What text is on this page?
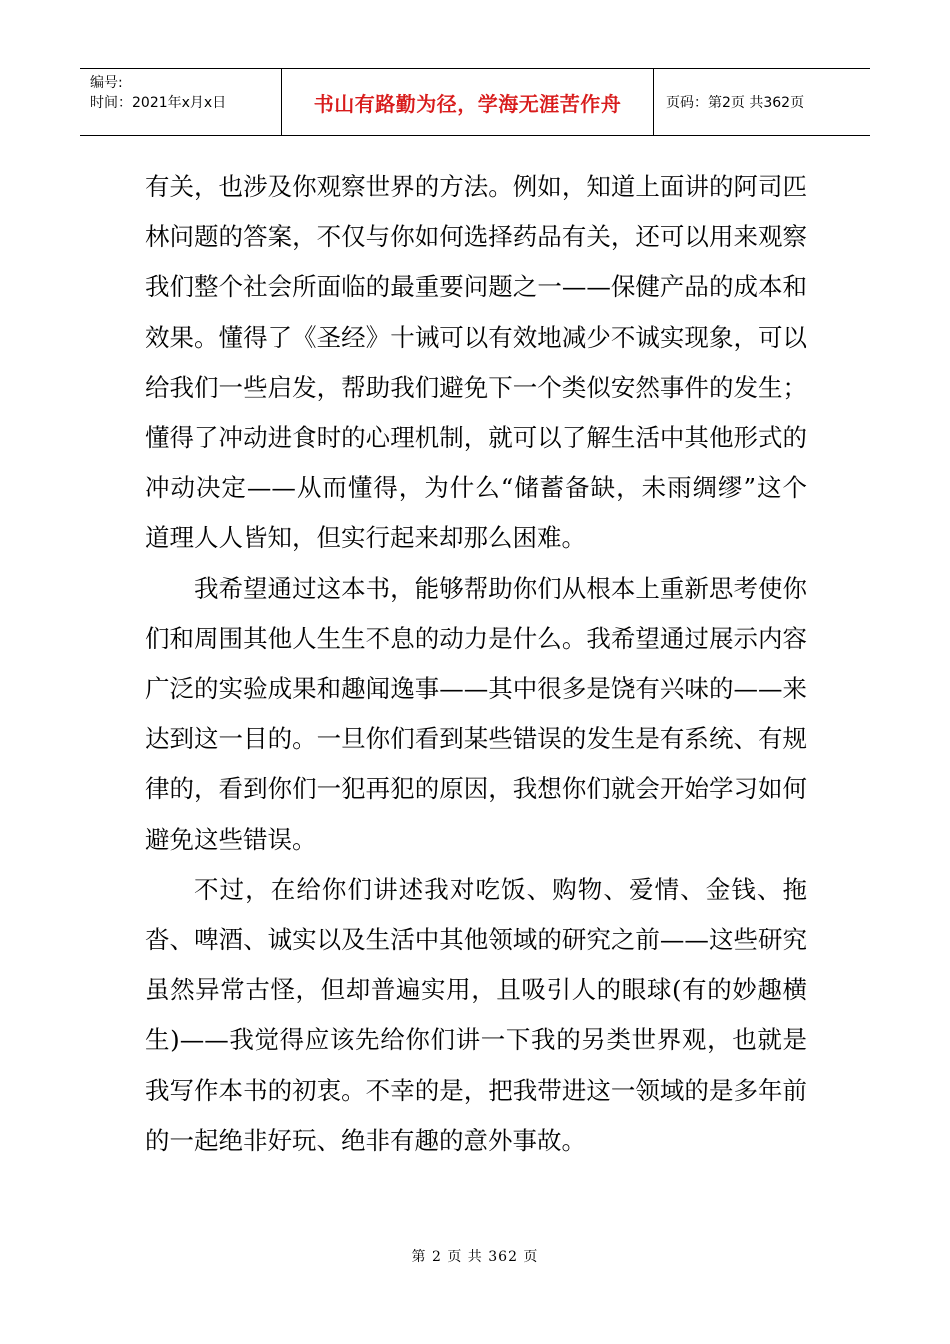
编号:
时间：2021年x月x日	书山有路勤为径，学海无涯苦作舟	页码：第2页 共362页

有关，也涉及你观察世界的方法。例如，知道上面讲的阿司匹林问题的答案，不仅与你如何选择药品有关，还可以用来观察我们整个社会所面临的最重要问题之一——保健产品的成本和效果。懂得了《圣经》十诫可以有效地减少不诚实现象，可以给我们一些启发，帮助我们避免下一个类似安然事件的发生；懂得了冲动进食时的心理机制，就可以了解生活中其他形式的冲动决定——从而懂得，为什么“储蓄备缺，未雨绸缪”这个道理人人皆知，但实行起来却那么困难。

我希望通过这本书，能够帮助你们从根本上重新思考使你们和周围其他人生生不息的动力是什么。我希望通过展示内容广泛的实验成果和趣闻逸事——其中很多是饶有兴味的——来达到这一目的。一旦你们看到某些错误的发生是有系统、有规律的，看到你们一犯再犯的原因，我想你们就会开始学习如何避免这些错误。

不过，在给你们讲述我对吃饭、购物、爱情、金钱、拖沓、啤酒、诚实以及生活中其他领域的研究之前——这些研究虽然异常古怪，但却普遍实用，且吸引人的眼球(有的妙趣横生)——我觉得应该先给你们讲一下我的另类世界观，也就是我写作本书的初衷。不幸的是，把我带进这一领域的是多年前的一起绝非好玩、绝非有趣的意外事故。

第 2 页 共 362 页
